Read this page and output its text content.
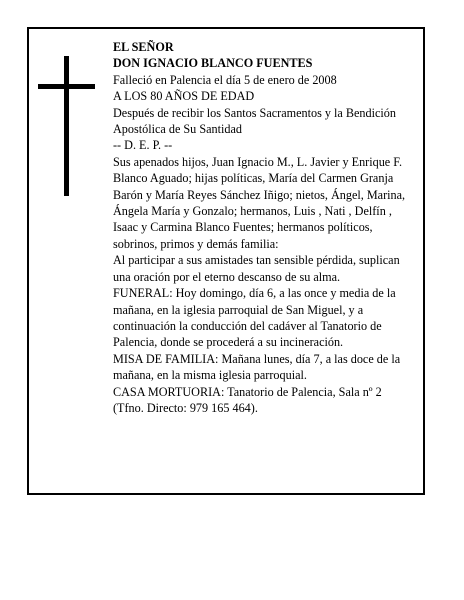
EL SEÑOR

DON IGNACIO BLANCO FUENTES

Falleció en Palencia el día 5 de enero de 2008

A LOS 80 AÑOS DE EDAD

Después de recibir los Santos Sacramentos y la Bendición Apostólica de Su Santidad

-- D. E. P. --

Sus apenados hijos, Juan Ignacio M., L. Javier y Enrique F. Blanco Aguado; hijas políticas, María del Carmen Granja Barón y María Reyes Sánchez Iñigo; nietos, Ángel, Marina, Ángela María y Gonzalo; hermanos, Luis , Nati , Delfín , Isaac y Carmina Blanco Fuentes; hermanos políticos, sobrinos, primos y demás familia:

Al participar a sus amistades tan sensible pérdida, suplican una oración por el eterno descanso de su alma.

FUNERAL: Hoy domingo, día 6, a las once y media de la mañana, en la iglesia parroquial de San Miguel, y a continuación la conducción del cadáver al Tanatorio de Palencia, donde se procederá a su incineración.

MISA DE FAMILIA: Mañana lunes, día 7, a las doce de la mañana, en la misma iglesia parroquial.

CASA MORTUORIA: Tanatorio de Palencia, Sala nº 2 (Tfno. Directo: 979 165 464).
